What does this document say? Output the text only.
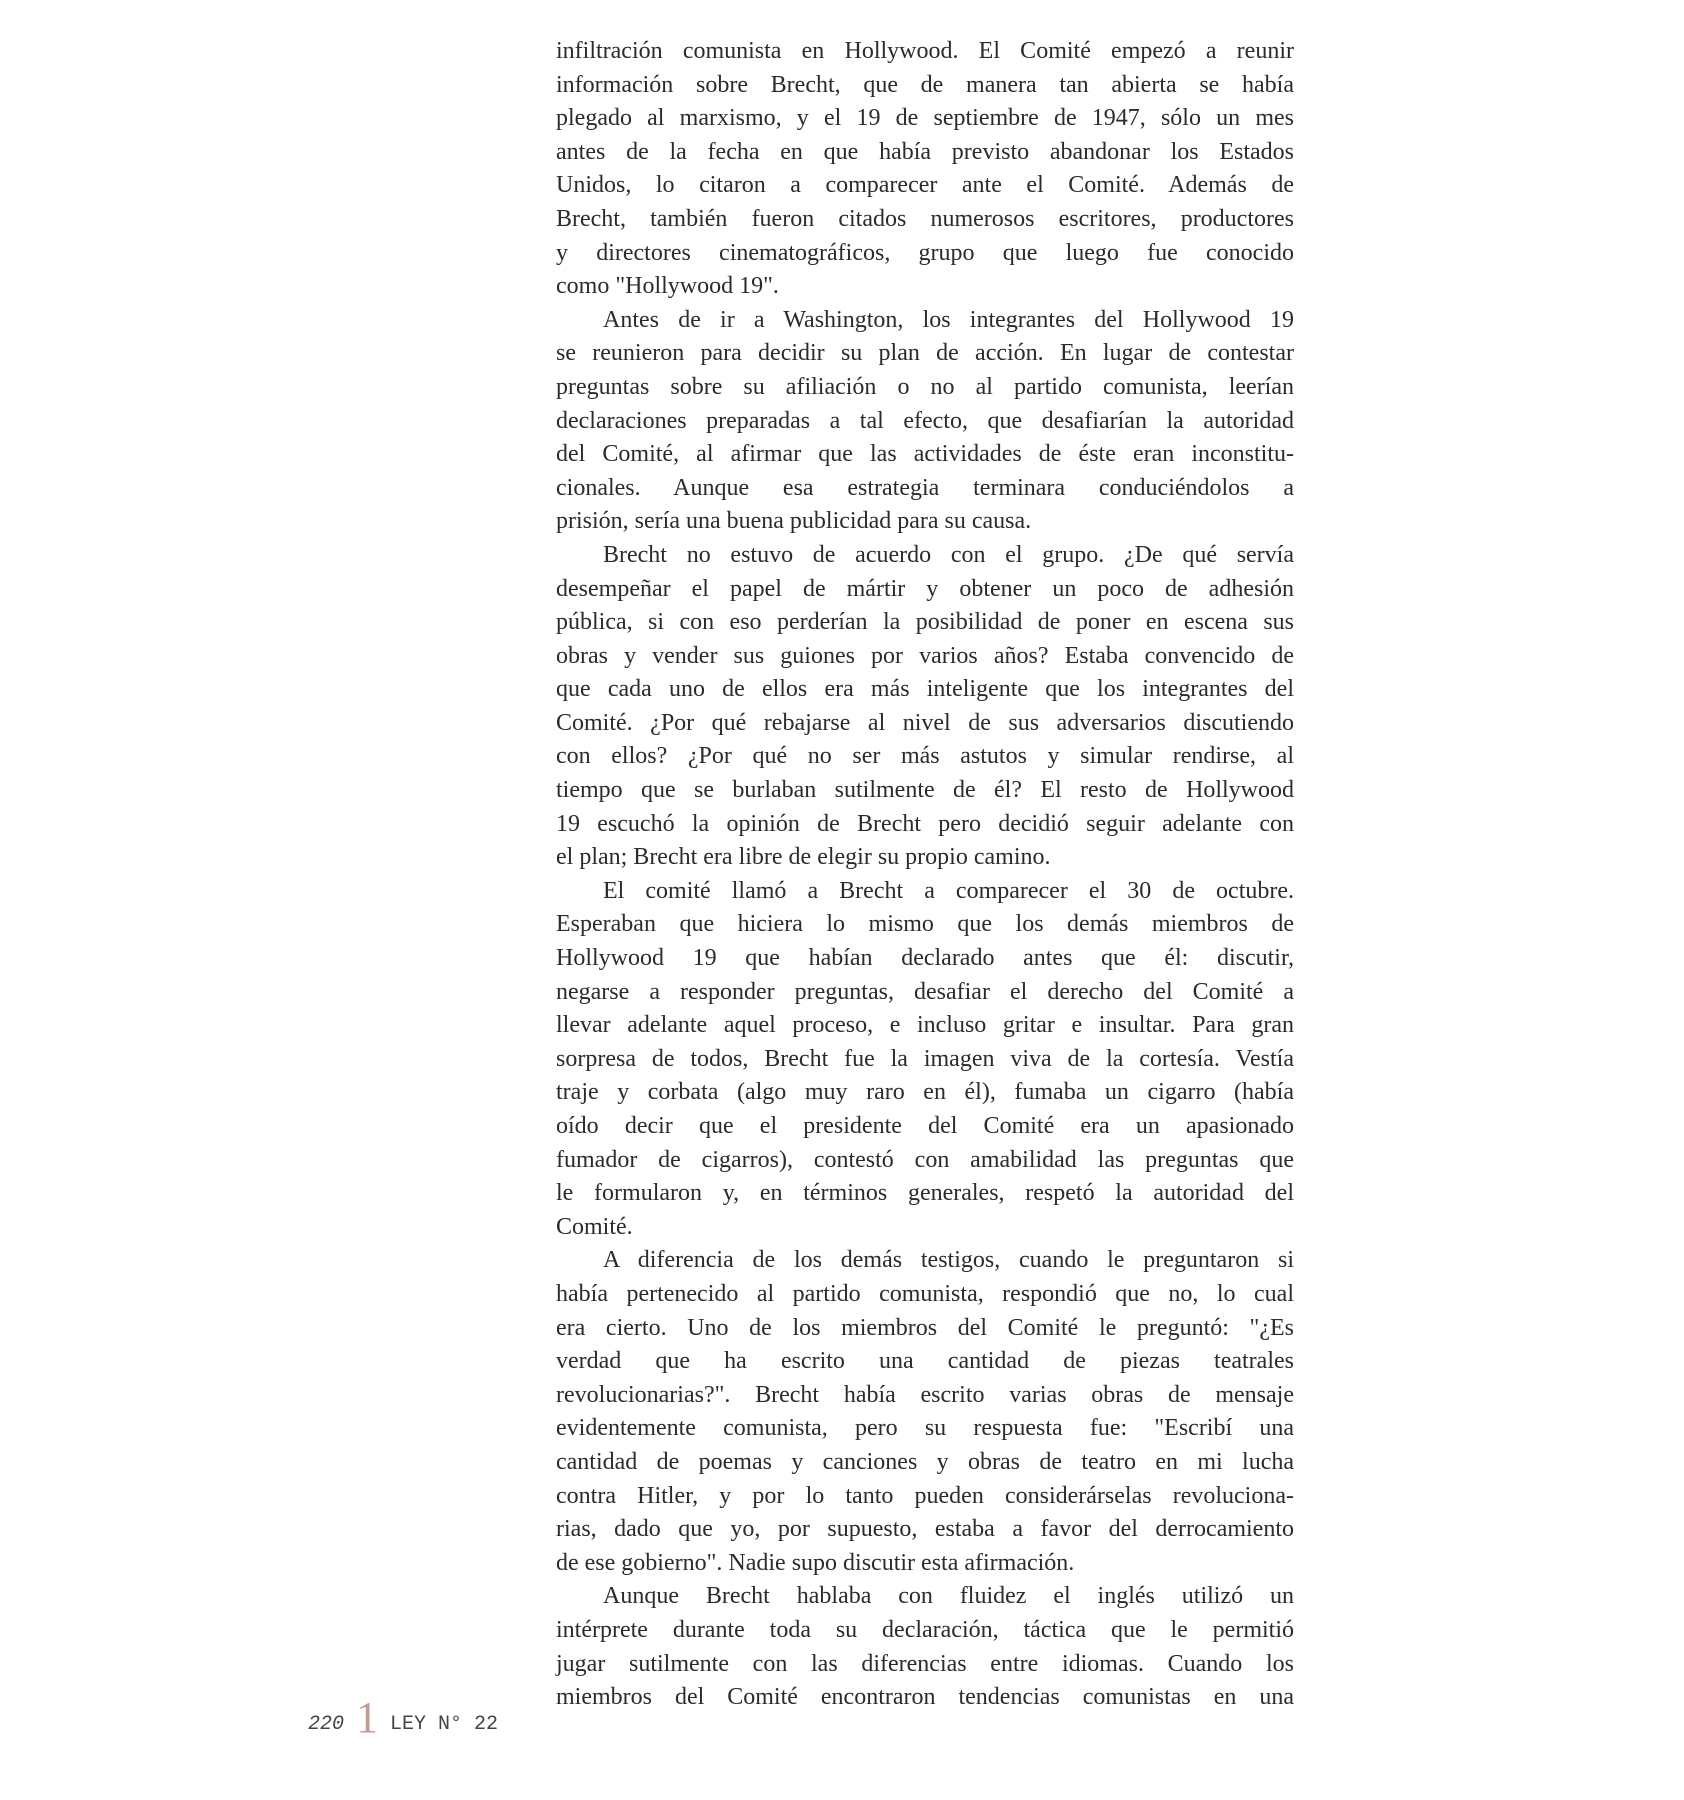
infiltración comunista en Hollywood. El Comité empezó a reunir
información sobre Brecht, que de manera tan abierta se había
plegado al marxismo, y el 19 de septiembre de 1947, sólo un mes
antes de la fecha en que había previsto abandonar los Estados
Unidos, lo citaron a comparecer ante el Comité. Además de
Brecht, también fueron citados numerosos escritores, productores
y directores cinematográficos, grupo que luego fue conocido
como "Hollywood 19".
Antes de ir a Washington, los integrantes del Hollywood 19
se reunieron para decidir su plan de acción. En lugar de contestar
preguntas sobre su afiliación o no al partido comunista, leerían
declaraciones preparadas a tal efecto, que desafiarían la autoridad
del Comité, al afirmar que las actividades de éste eran inconstitu-
cionales. Aunque esa estrategia terminara conduciéndolos a
prisión, sería una buena publicidad para su causa.
Brecht no estuvo de acuerdo con el grupo. ¿De qué servía
desempeñar el papel de mártir y obtener un poco de adhesión
pública, si con eso perderían la posibilidad de poner en escena sus
obras y vender sus guiones por varios años? Estaba convencido de
que cada uno de ellos era más inteligente que los integrantes del
Comité. ¿Por qué rebajarse al nivel de sus adversarios discutiendo
con ellos? ¿Por qué no ser más astutos y simular rendirse, al
tiempo que se burlaban sutilmente de él? El resto de Hollywood
19 escuchó la opinión de Brecht pero decidió seguir adelante con
el plan; Brecht era libre de elegir su propio camino.
El comité llamó a Brecht a comparecer el 30 de octubre.
Esperaban que hiciera lo mismo que los demás miembros de
Hollywood 19 que habían declarado antes que él: discutir,
negarse a responder preguntas, desafiar el derecho del Comité a
llevar adelante aquel proceso, e incluso gritar e insultar. Para gran
sorpresa de todos, Brecht fue la imagen viva de la cortesía. Vestía
traje y corbata (algo muy raro en él), fumaba un cigarro (había
oído decir que el presidente del Comité era un apasionado
fumador de cigarros), contestó con amabilidad las preguntas que
le formularon y, en términos generales, respetó la autoridad del
Comité.
A diferencia de los demás testigos, cuando le preguntaron si
había pertenecido al partido comunista, respondió que no, lo cual
era cierto. Uno de los miembros del Comité le preguntó: "¿Es
verdad que ha escrito una cantidad de piezas teatrales
revolucionarias?". Brecht había escrito varias obras de mensaje
evidentemente comunista, pero su respuesta fue: "Escribí una
cantidad de poemas y canciones y obras de teatro en mi lucha
contra Hitler, y por lo tanto pueden considerárselas revoluciona-
rias, dado que yo, por supuesto, estaba a favor del derrocamiento
de ese gobierno". Nadie supo discutir esta afirmación.
Aunque Brecht hablaba con fluidez el inglés utilizó un
intérprete durante toda su declaración, táctica que le permitió
jugar sutilmente con las diferencias entre idiomas. Cuando los
miembros del Comité encontraron tendencias comunistas en una
220 1 LEY N° 22
